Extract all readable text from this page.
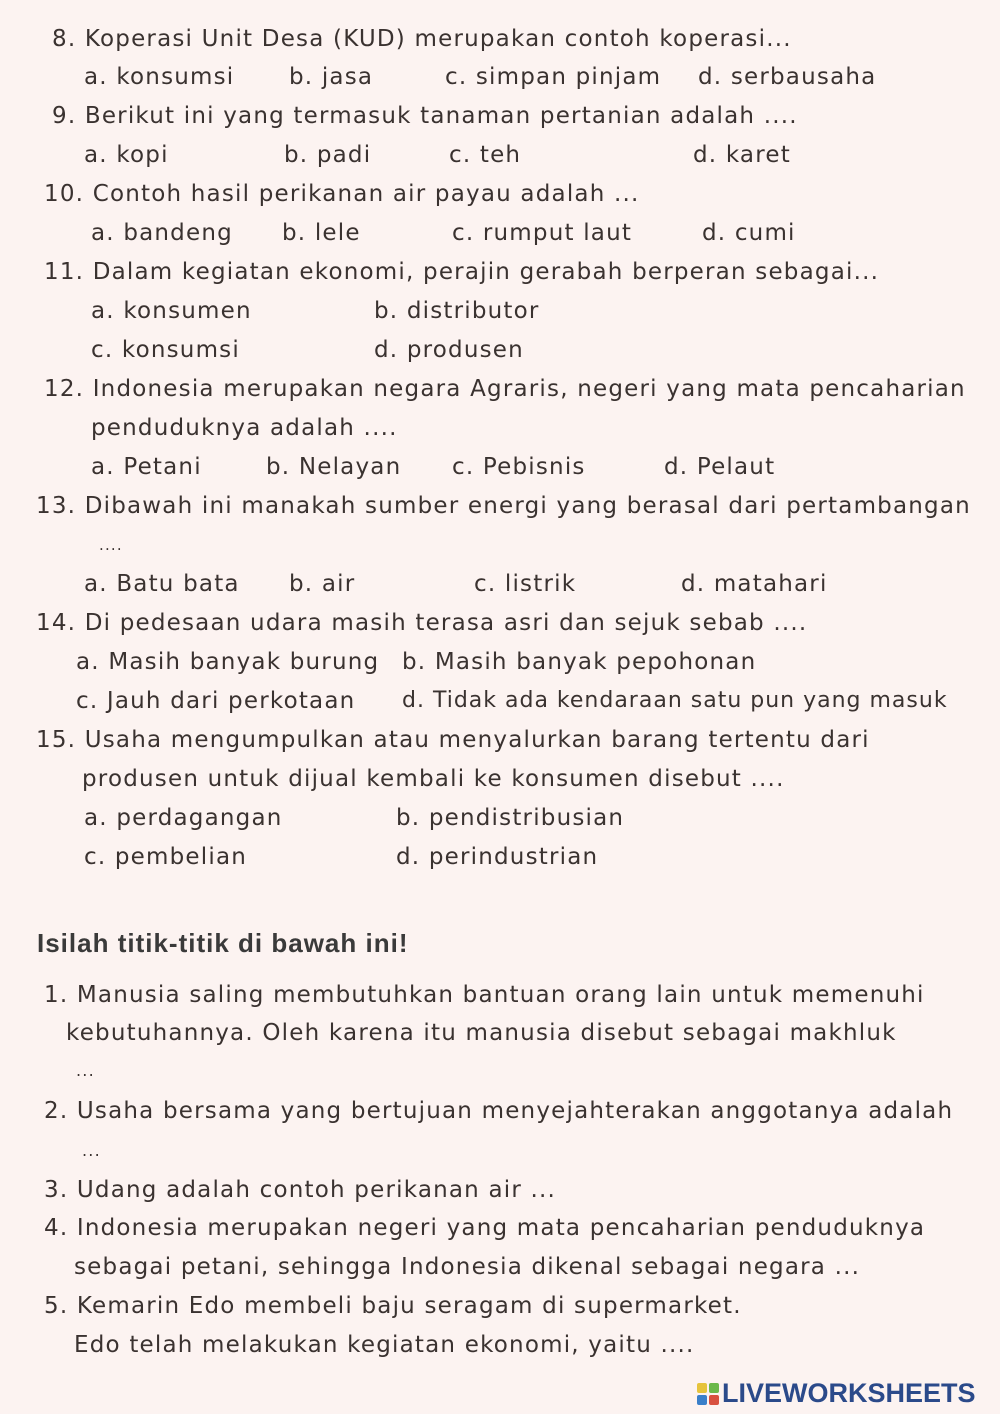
8. Koperasi Unit Desa (KUD) merupakan contoh koperasi...
a. konsumsi b. jasa	c. simpan pinjam d. serbausaha
9. Berikut ini yang termasuk tanaman pertanian adalah ....
a. kopi	b. padi	c. teh	d. karet
10. Contoh hasil perikanan air payau adalah ...
a. bandeng b. lele	c. rumput laut	d. cumi
11. Dalam kegiatan ekonomi, perajin gerabah berperan sebagai...
a. konsumen	b. distributor
c. konsumsi	d. produsen
12. Indonesia merupakan negara Agraris, negeri yang mata pencaharian
penduduknya adalah ....
a. Petani	b. Nelayan c. Pebisnis	d. Pelaut
13. Dibawah ini manakah sumber energi yang berasal dari pertambangan
....
a. Batu bata b. air	c. listrik	d. matahari
14. Di pedesaan udara masih terasa asri dan sejuk sebab ....
a. Masih banyak burung b. Masih banyak pepohonan
c. Jauh dari perkotaan d. Tidak ada kendaraan satu pun yang masuk
15. Usaha mengumpulkan atau menyalurkan barang tertentu dari
produsen untuk dijual kembali ke konsumen disebut ....
a. perdagangan	b. pendistribusian
c. pembelian	d. perindustrian
Isilah titik-titik di bawah ini!
1. Manusia saling membutuhkan bantuan orang lain untuk memenuhi
kebutuhannya. Oleh karena itu manusia disebut sebagai makhluk
...
2. Usaha bersama yang bertujuan menyejahterakan anggotanya adalah
...
3. Udang adalah contoh perikanan air ...
4. Indonesia merupakan negeri yang mata pencaharian penduduknya
sebagai petani, sehingga Indonesia dikenal sebagai negara ...
5. Kemarin Edo membeli baju seragam di supermarket.
Edo telah melakukan kegiatan ekonomi, yaitu ....
LIVEWORKSHEETS
